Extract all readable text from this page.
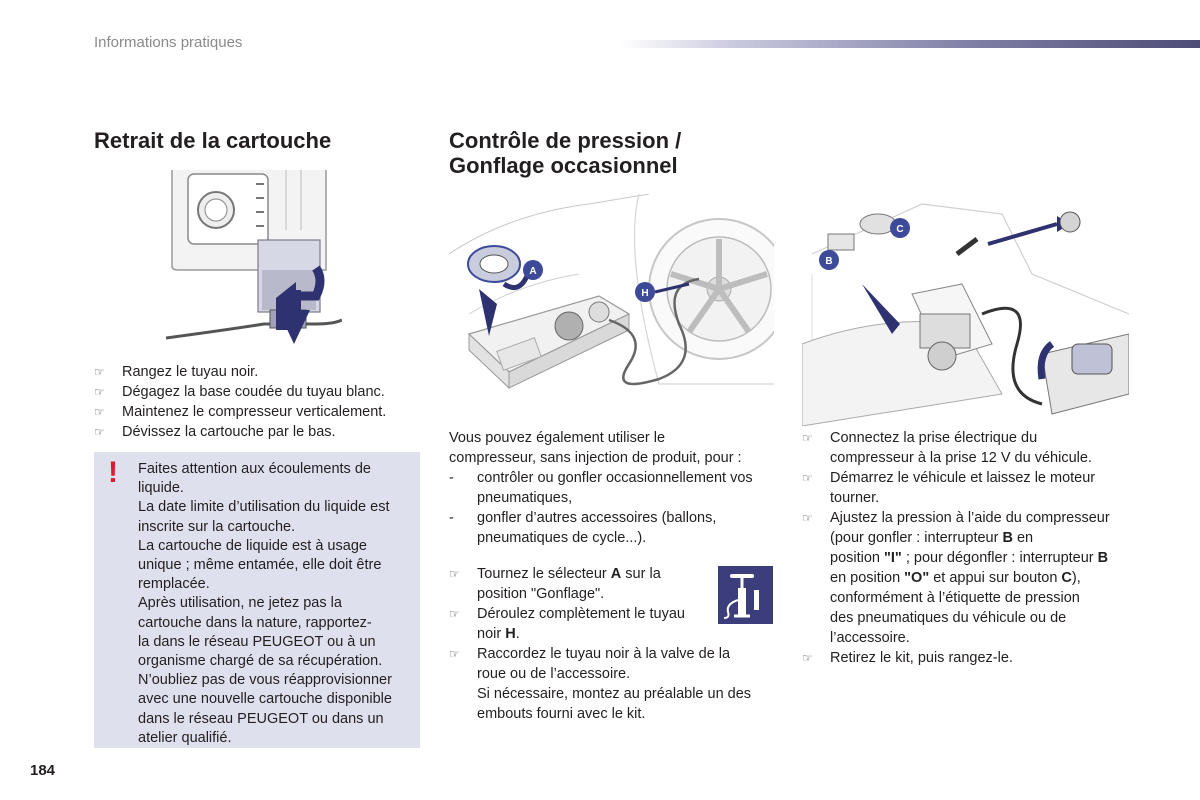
Informations pratiques
Retrait de la cartouche
☞	Rangez le tuyau noir.
☞	Dégagez la base coudée du tuyau blanc.
☞	Maintenez le compresseur verticalement.
☞	Dévissez la cartouche par le bas.
! Faites attention aux écoulements de
liquide.
La date limite d’utilisation du liquide est
inscrite sur la cartouche.
La cartouche de liquide est à usage
unique ; même entamée, elle doit être
remplacée.
Après utilisation, ne jetez pas la
cartouche dans la nature, rapportez-
la dans le réseau PEUGEOT ou à un
organisme chargé de sa récupération.
N’oubliez pas de vous réapprovisionner
avec une nouvelle cartouche disponible
dans le réseau PEUGEOT ou dans un
atelier qualifié.
Contrôle de pression /
Gonflage occasionnel
A
H
Vous pouvez également utiliser le
compresseur, sans injection de produit, pour :
- contrôler ou gonfler occasionnellement vos
pneumatiques,
- gonfler d’autres accessoires (ballons,
pneumatiques de cycle...).
☞	Tournez le sélecteur A sur la
position "Gonflage".
☞	Déroulez complètement le tuyau
noir H.
☞	Raccordez le tuyau noir à la valve de la
roue ou de l’accessoire.
Si nécessaire, montez au préalable un des
embouts fourni avec le kit.
B
C
☞	Connectez la prise électrique du
compresseur à la prise 12 V du véhicule.
☞	Démarrez le véhicule et laissez le moteur
tourner.
☞	Ajustez la pression à l’aide du compresseur
(pour gonfler : interrupteur B en
position "I" ; pour dégonfler : interrupteur B
en position "O" et appui sur bouton C),
conformément à l’étiquette de pression
des pneumatiques du véhicule ou de
l’accessoire.
☞	Retirez le kit, puis rangez-le.
184
